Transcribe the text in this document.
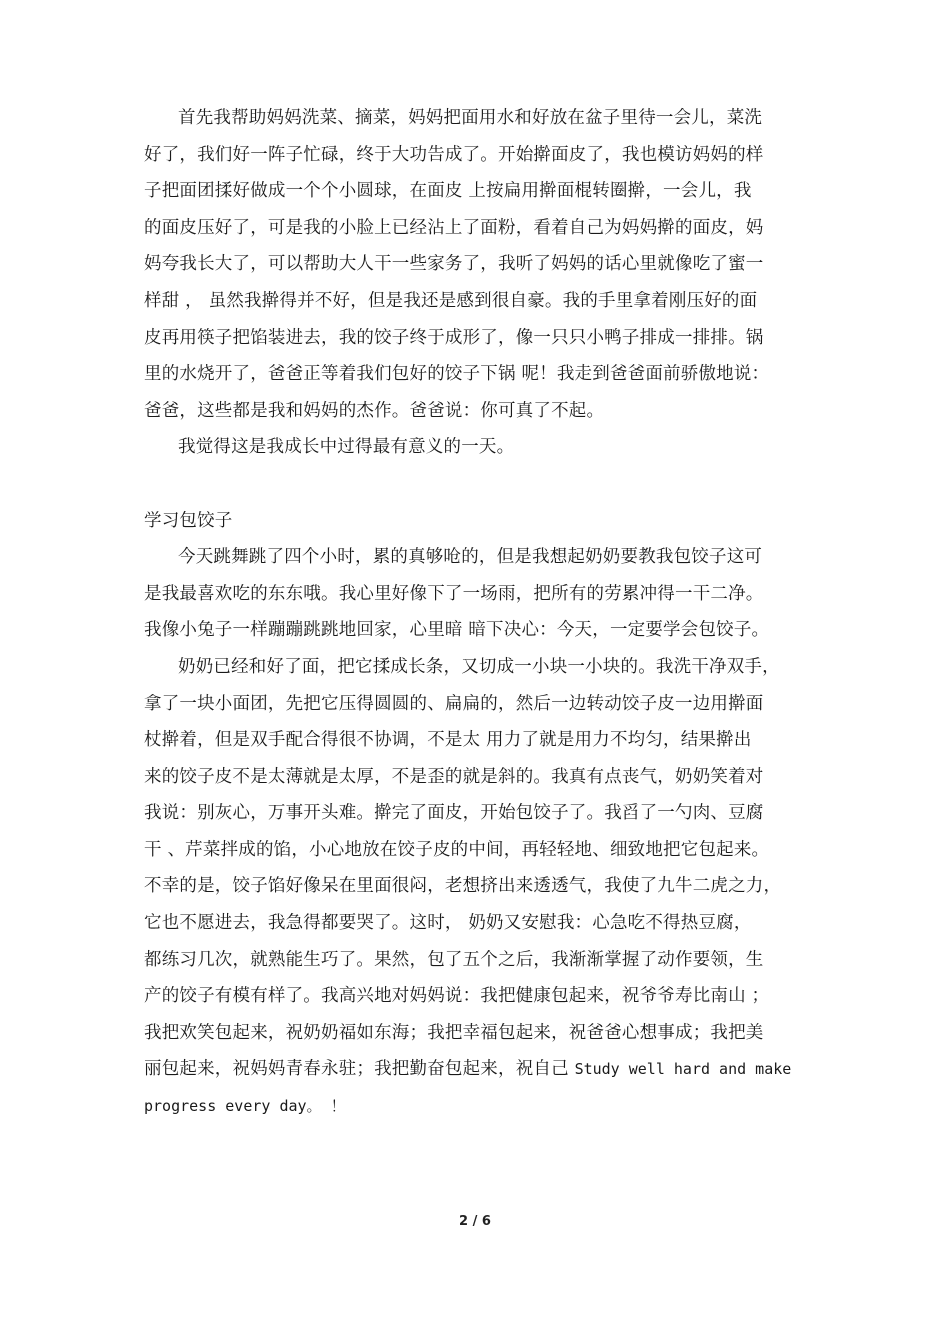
首先我帮助妈妈洗菜、摘菜，妈妈把面用水和好放在盆子里待一会儿，菜洗
好了，我们好一阵子忙碌，终于大功告成了。开始擀面皮了，我也模访妈妈的样
子把面团揉好做成一个个小圆球，在面皮 上按扁用擀面棍转圈擀，一会儿，我
的面皮压好了，可是我的小脸上已经沾上了面粉，看着自己为妈妈擀的面皮，妈
妈夸我长大了，可以帮助大人干一些家务了，我听了妈妈的话心里就像吃了蜜一
样甜 ， 虽然我擀得并不好，但是我还是感到很自豪。我的手里拿着刚压好的面
皮再用筷子把馅装进去，我的饺子终于成形了，像一只只小鸭子排成一排排。锅
里的水烧开了，爸爸正等着我们包好的饺子下锅 呢！我走到爸爸面前骄傲地说：
爸爸，这些都是我和妈妈的杰作。爸爸说：你可真了不起。
我觉得这是我成长中过得最有意义的一天。
学习包饺子
今天跳舞跳了四个小时，累的真够呛的，但是我想起奶奶要教我包饺子这可
是我最喜欢吃的东东哦。我心里好像下了一场雨，把所有的劳累冲得一干二净。
我像小兔子一样蹦蹦跳跳地回家，心里暗 暗下决心：今天，一定要学会包饺子。
奶奶已经和好了面，把它揉成长条，又切成一小块一小块的。我洗干净双手，
拿了一块小面团，先把它压得圆圆的、扁扁的，然后一边转动饺子皮一边用擀面
杖擀着，但是双手配合得很不协调，不是太 用力了就是用力不均匀，结果擀出
来的饺子皮不是太薄就是太厚，不是歪的就是斜的。我真有点丧气，奶奶笑着对
我说：别灰心，万事开头难。擀完了面皮，开始包饺子了。我舀了一勺肉、豆腐
干 、芹菜拌成的馅，小心地放在饺子皮的中间，再轻轻地、细致地把它包起来。
不幸的是，饺子馅好像呆在里面很闷，老想挤出来透透气，我使了九牛二虎之力，
它也不愿进去，我急得都要哭了。这时， 奶奶又安慰我：心急吃不得热豆腐，
都练习几次，就熟能生巧了。果然，包了五个之后，我渐渐掌握了动作要领，生
产的饺子有模有样了。我高兴地对妈妈说：我把健康包起来，祝爷爷寿比南山 ；
我把欢笑包起来，祝奶奶福如东海；我把幸福包起来，祝爸爸心想事成；我把美
丽包起来，祝妈妈青春永驻；我把勤奋包起来，祝自己 Study well hard and make
progress every day。 ！
2 / 6
